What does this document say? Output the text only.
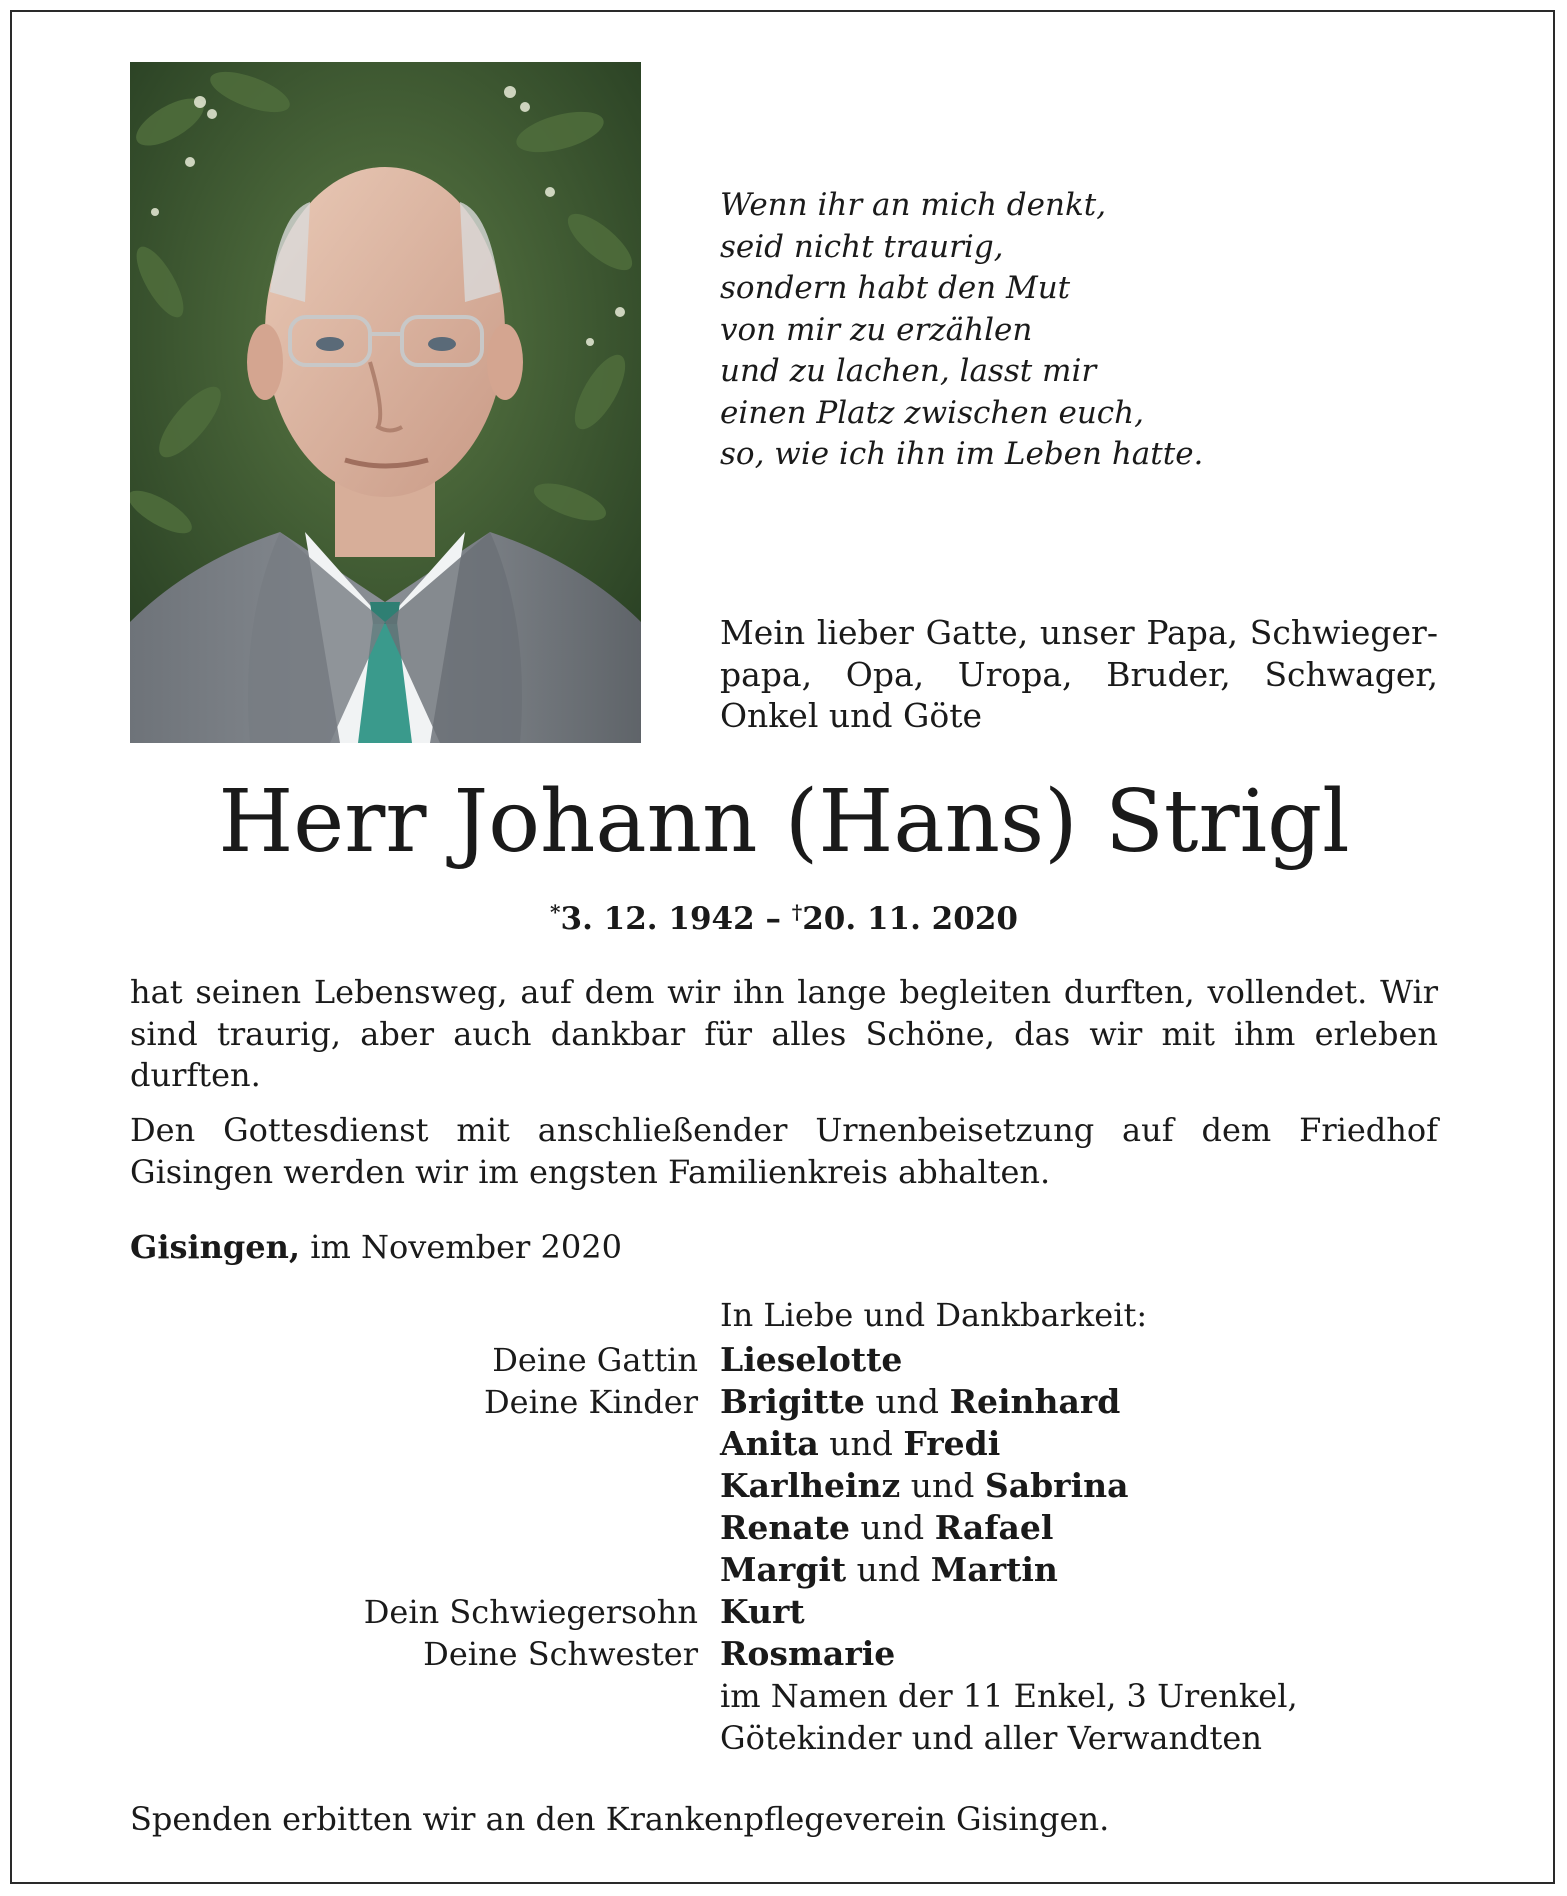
Wenn ihr an mich denkt,
seid nicht traurig,
sondern habt den Mut
von mir zu erzählen
und zu lachen, lasst mir
einen Platz zwischen euch,
so, wie ich ihn im Leben hatte.

Mein lieber Gatte, unser Papa, Schwiegerpapa, Opa, Uropa, Bruder, Schwager, Onkel und Göte

Herr Johann (Hans) Strigl

*3. 12. 1942 – †20. 11. 2020

hat seinen Lebensweg, auf dem wir ihn lange begleiten durften, vollendet. Wir sind traurig, aber auch dankbar für alles Schöne, das wir mit ihm erleben durften.

Den Gottesdienst mit anschließender Urnenbeisetzung auf dem Friedhof Gisingen werden wir im engsten Familienkreis abhalten.

Gisingen, im November 2020

In Liebe und Dankbarkeit:
Deine Gattin Lieselotte
Deine Kinder Brigitte und Reinhard
Anita und Fredi
Karlheinz und Sabrina
Renate und Rafael
Margit und Martin
Dein Schwiegersohn Kurt
Deine Schwester Rosmarie
im Namen der 11 Enkel, 3 Urenkel,
Götekinder und aller Verwandten
Spenden erbitten wir an den Krankenpflegeverein Gisingen.
